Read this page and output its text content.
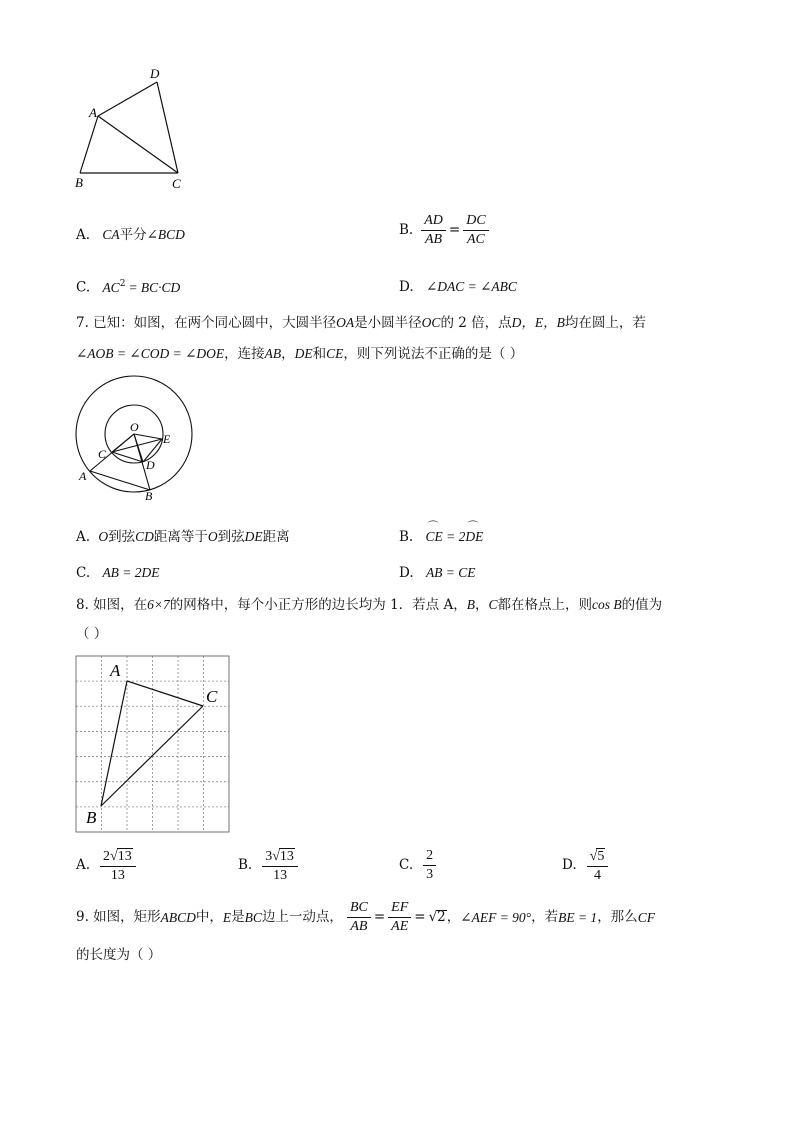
D
A
B	C
A. CA平分∠BCD	B. $\frac{AD}{AB} = \frac{DC}{AC}$
C. $AC^2 = BC\cdot CD$	D. ∠DAC = ∠ABC
7. 已知：如图，在两个同心圆中，大圆半径OA是小圆半径OC的 2 倍，点D，E，B均在圆上，若
∠AOB = ∠COD = ∠DOE，连接AB，DE和CE，则下列说法不正确的是（ ）
O
E
C
D
A
B
A. O到弦CD距离等于O到弦DE距离	B. ⌒ CE = 2⌒ DE
C. AB = 2DE	D. AB = CE
8. 如图，在6×7的网格中，每个小正方形的边长均为 1．若点 A，B，C都在格点上，则cos B的值为
（ ）
A
C
B
A. $\frac{2√13}{13}$	B. $\frac{3√13}{13}$	C. $\frac{2}{3}$	D. $\frac{√5}{4}$
9. 如图，矩形 ABCD 中， E 是 BC 边上一动点， $\frac{BC}{AB} = \frac{EF}{AE} = √2$ ， ∠AEF = 90° ，若 BE = 1 ，那么 CF
的长度为（ ）
